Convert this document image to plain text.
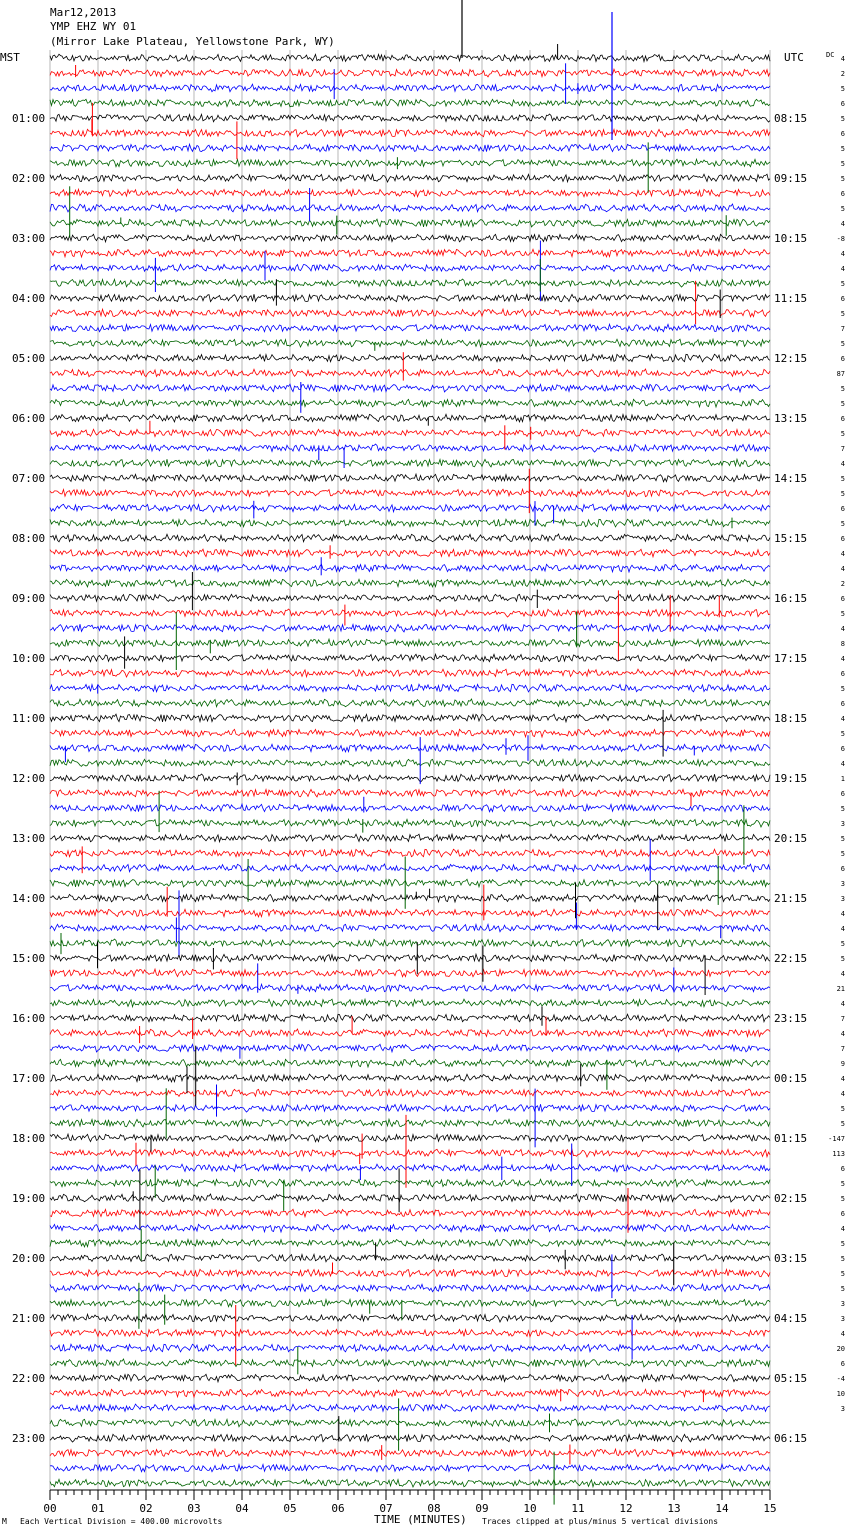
Mar12,2013
YMP EHZ WY 01
(Mirror Lake Plateau, Yellowstone Park, WY)
MST	UTC	DC
01:00
02:00
03:00
04:00
05:00
06:00
07:00
08:00
09:00
10:00
11:00
12:00
13:00
14:00
15:00
16:00
17:00
18:00
19:00
20:00
21:00
22:00
23:00
08:15
09:15
10:15
11:15
12:15
13:15
14:15
15:15
16:15
17:15
18:15
19:15
20:15
21:15
22:15
23:15
00:15
01:15
02:15
03:15
04:15
05:15
06:15
4
2
5
6
5
6
5
5
5
6
5
4
-8
4
4
5
6
5
7
5
6
87
5
5
6
5
7
4
5
5
6
5
6
4
4
2
6
5
4
8
4
6
5
6
4
5
6
4
1
6
5
3
5
5
6
3
3
4
4
5
5
4
21
4
7
4
7
9
4
4
5
5
-147
113
6
5
5
6
4
5
5
5
5
3
3
4
20
6
-4
10
3
00	01	02	03	04	05	06	07	08	09	10	11	12	13	14	15
M Each Vertical Division = 400.00 microvolts	TIME (MINUTES) Traces clipped at plus/minus 5 vertical divisions
